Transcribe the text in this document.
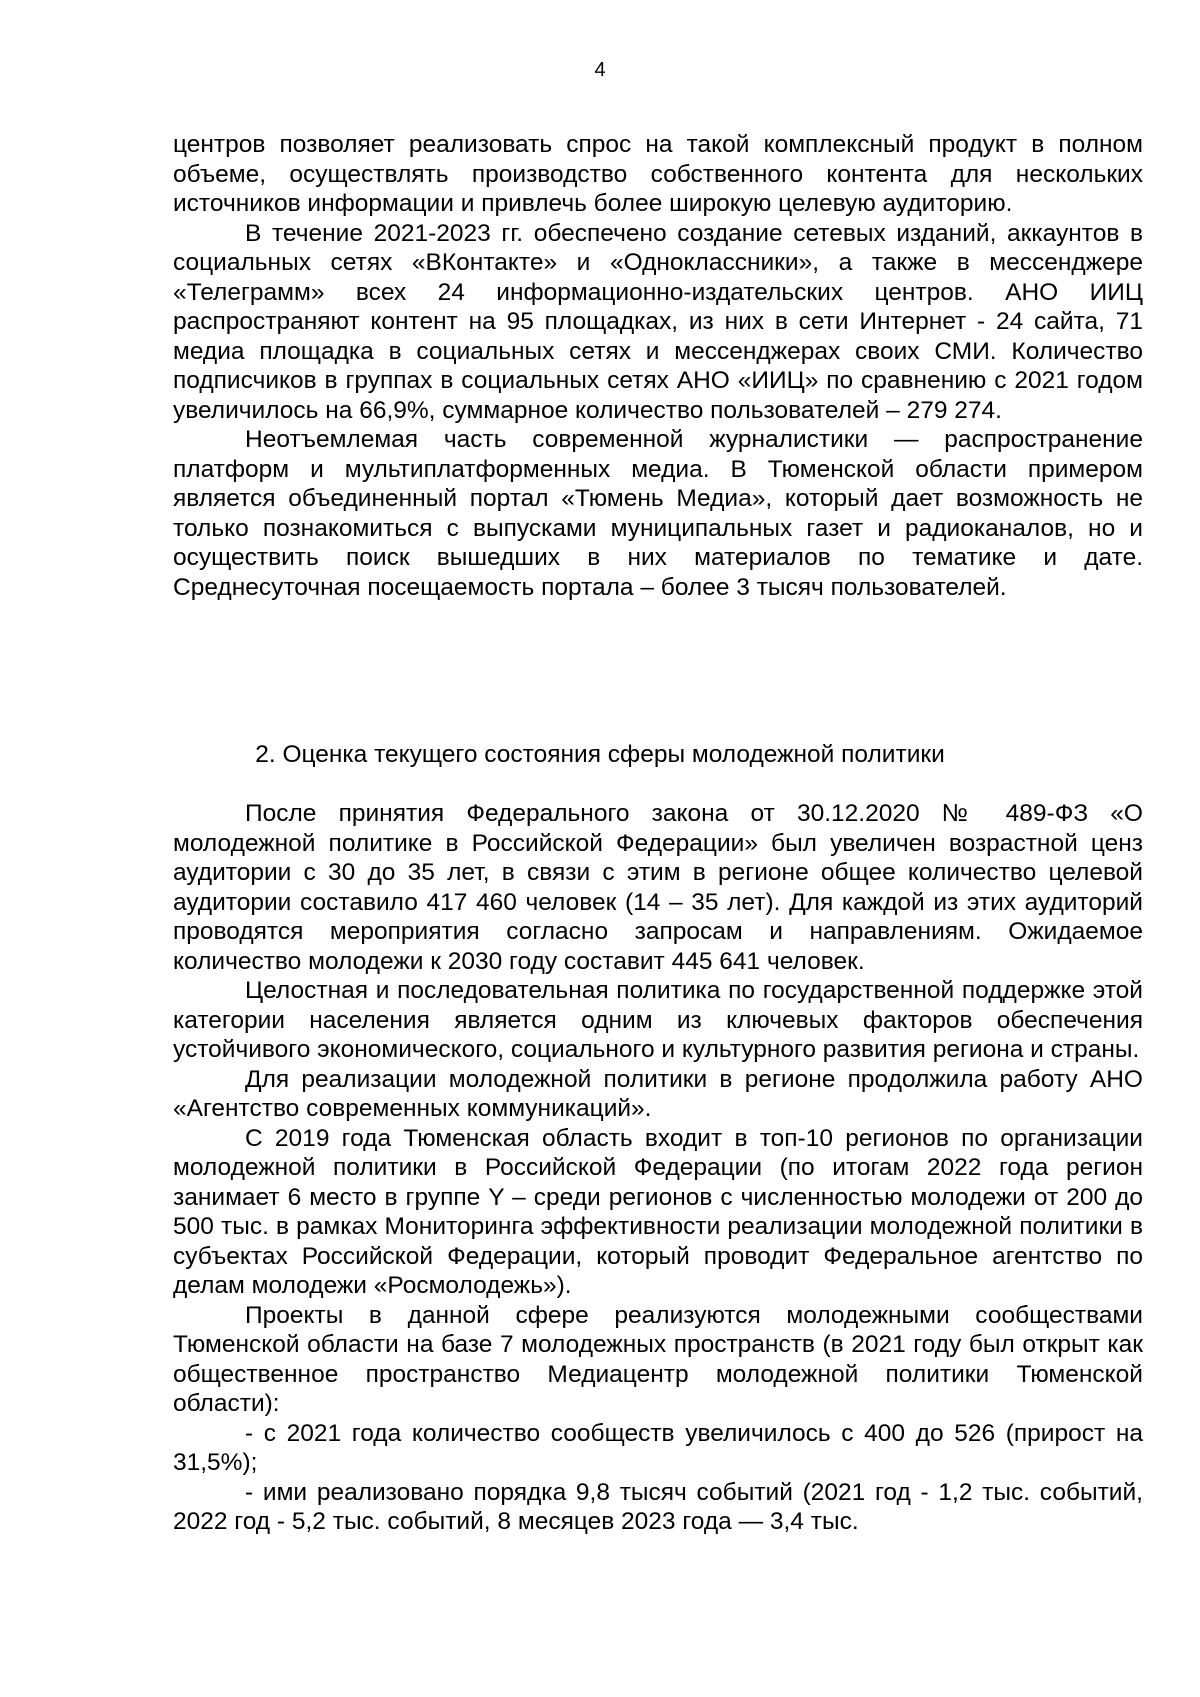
4

центров позволяет реализовать спрос на такой комплексный продукт в полном объеме, осуществлять производство собственного контента для нескольких источников информации и привлечь более широкую целевую аудиторию.

В течение 2021-2023 гг. обеспечено создание сетевых изданий, аккаунтов в социальных сетях «ВКонтакте» и «Одноклассники», а также в мессенджере «Телеграмм» всех 24 информационно-издательских центров. АНО ИИЦ распространяют контент на 95 площадках, из них в сети Интернет - 24 сайта, 71 медиа площадка в социальных сетях и мессенджерах своих СМИ. Количество подписчиков в группах в социальных сетях АНО «ИИЦ» по сравнению с 2021 годом увеличилось на 66,9%, суммарное количество пользователей – 279 274.

Неотъемлемая часть современной журналистики — распространение платформ и мультиплатформенных медиа. В Тюменской области примером является объединенный портал «Тюмень Медиа», который дает возможность не только познакомиться с выпусками муниципальных газет и радиоканалов, но и осуществить поиск вышедших в них материалов по тематике и дате. Среднесуточная посещаемость портала – более 3 тысяч пользователей.

2. Оценка текущего состояния сферы молодежной политики

После принятия Федерального закона от 30.12.2020 № 489-ФЗ «О молодежной политике в Российской Федерации» был увеличен возрастной ценз аудитории с 30 до 35 лет, в связи с этим в регионе общее количество целевой аудитории составило 417 460 человек (14 – 35 лет). Для каждой из этих аудиторий проводятся мероприятия согласно запросам и направлениям. Ожидаемое количество молодежи к 2030 году составит 445 641 человек.

Целостная и последовательная политика по государственной поддержке этой категории населения является одним из ключевых факторов обеспечения устойчивого экономического, социального и культурного развития региона и страны.

Для реализации молодежной политики в регионе продолжила работу АНО «Агентство современных коммуникаций».

С 2019 года Тюменская область входит в топ-10 регионов по организации молодежной политики в Российской Федерации (по итогам 2022 года регион занимает 6 место в группе Y – среди регионов с численностью молодежи от 200 до 500 тыс. в рамках Мониторинга эффективности реализации молодежной политики в субъектах Российской Федерации, который проводит Федеральное агентство по делам молодежи «Росмолодежь»).

Проекты в данной сфере реализуются молодежными сообществами Тюменской области на базе 7 молодежных пространств (в 2021 году был открыт как общественное пространство Медиацентр молодежной политики Тюменской области):

- с 2021 года количество сообществ увеличилось с 400 до 526 (прирост на 31,5%);

- ими реализовано порядка 9,8 тысяч событий (2021 год - 1,2 тыс. событий, 2022 год - 5,2 тыс. событий, 8 месяцев 2023 года — 3,4 тыс.
